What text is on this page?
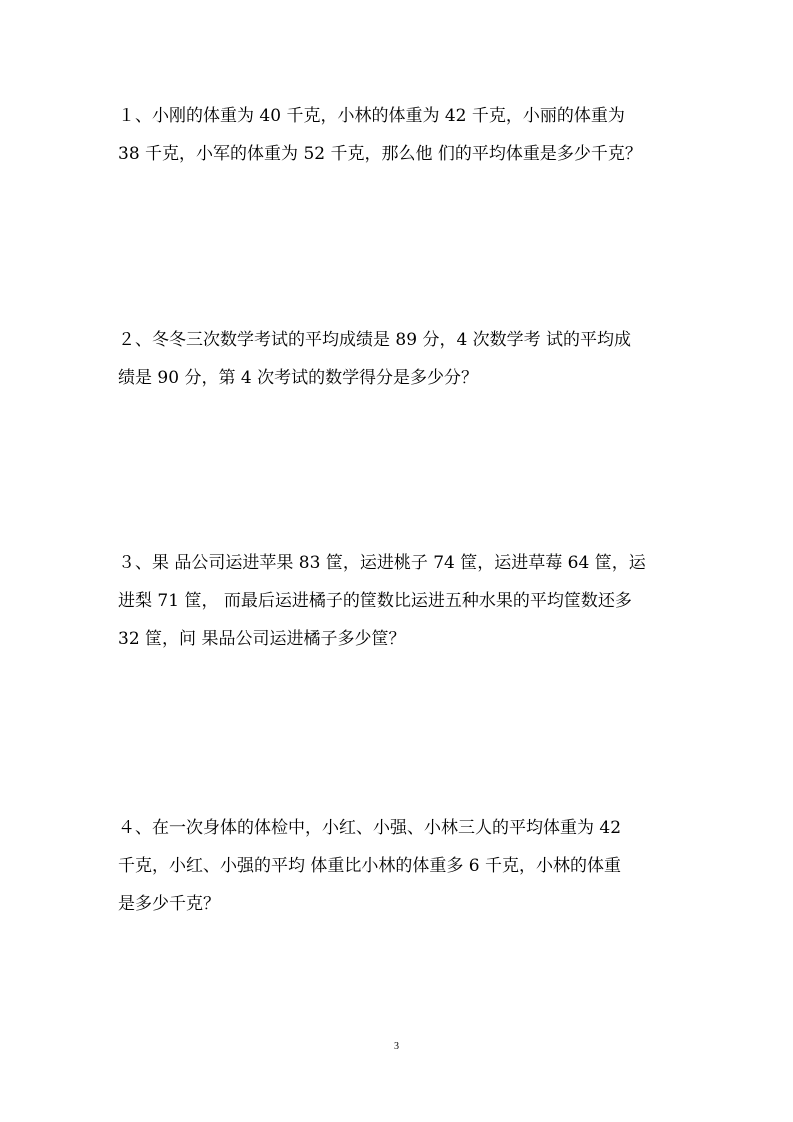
１、小刚的体重为 40 千克，小林的体重为 42 千克，小丽的体重为
38 千克，小军的体重为 52 千克，那么他 们的平均体重是多少千克？
２、冬冬三次数学考试的平均成绩是 89 分，4 次数学考 试的平均成
绩是 90 分，第 4 次考试的数学得分是多少分？
３、果 品公司运进苹果 83 筐，运进桃子 74 筐，运进草莓 64 筐，运
进梨 71 筐， 而最后运进橘子的筐数比运进五种水果的平均筐数还多
32 筐，问 果品公司运进橘子多少筐？
４、在一次身体的体检中，小红、小强、小林三人的平均体重为 42
千克，小红、小强的平均 体重比小林的体重多 6 千克，小林的体重
是多少千克？
3
